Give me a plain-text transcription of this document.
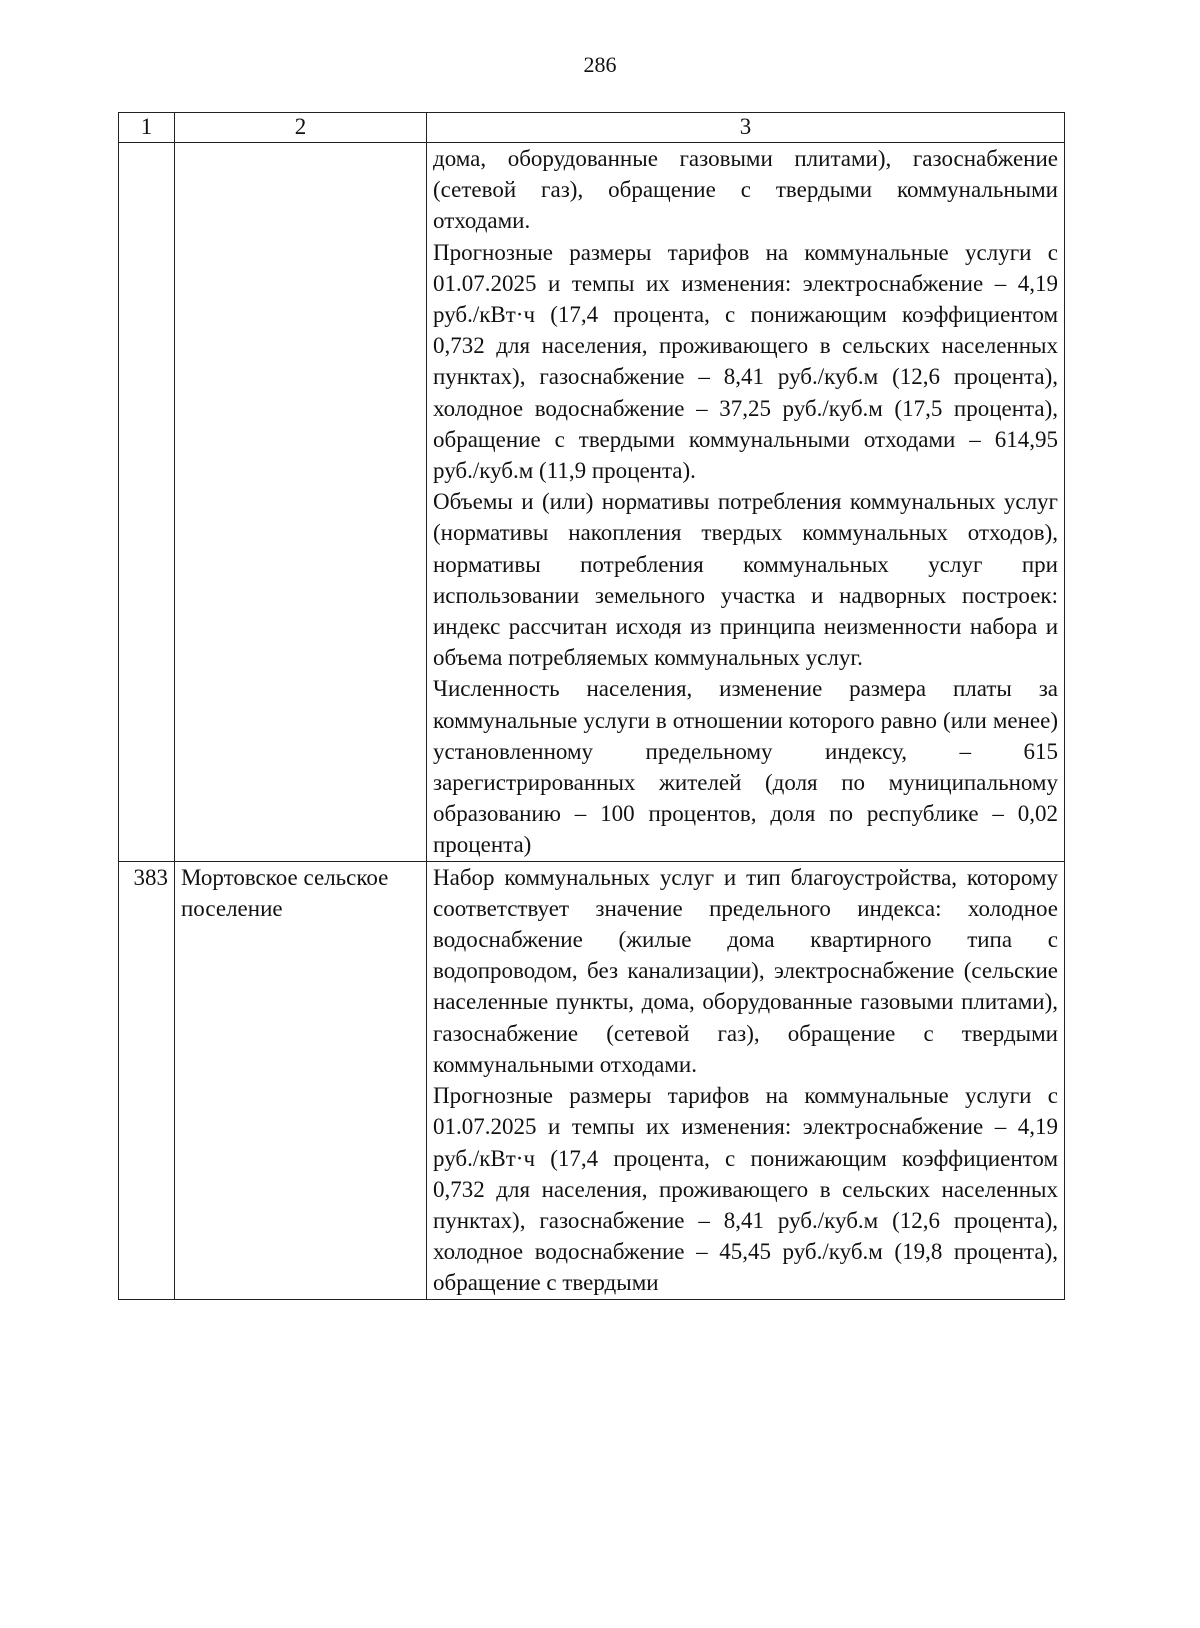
286
1	2	3

		дома, оборудованные газовыми плитами), газоснабжение (сетевой газ), обращение с твердыми коммунальными отходами.
Прогнозные размеры тарифов на коммунальные услуги с 01.07.2025 и темпы их изменения: электроснабжение – 4,19 руб./кВт·ч (17,4 процента, с понижающим коэффициентом 0,732 для населения, проживающего в сельских населенных пунктах), газоснабжение – 8,41 руб./куб.м (12,6 процента), холодное водоснабжение – 37,25 руб./куб.м (17,5 процента), обращение с твердыми коммунальными отходами – 614,95 руб./куб.м (11,9 процента).
Объемы и (или) нормативы потребления коммунальных услуг (нормативы накопления твердых коммунальных отходов), нормативы потребления коммунальных услуг при использовании земельного участка и надворных построек: индекс рассчитан исходя из принципа неизменности набора и объема потребляемых коммунальных услуг.
Численность населения, изменение размера платы за коммунальные услуги в отношении которого равно (или менее) установленному предельному индексу, – 615 зарегистрированных жителей (доля по муниципальному образованию – 100 процентов, доля по республике – 0,02 процента)

383	Мортовское сельское поселение	Набор коммунальных услуг и тип благоустройства, которому соответствует значение предельного индекса: холодное водоснабжение (жилые дома квартирного типа с водопроводом, без канализации), электроснабжение (сельские населенные пункты, дома, оборудованные газовыми плитами), газоснабжение (сетевой газ), обращение с твердыми коммунальными отходами.
Прогнозные размеры тарифов на коммунальные услуги с 01.07.2025 и темпы их изменения: электроснабжение – 4,19 руб./кВт·ч (17,4 процента, с понижающим коэффициентом 0,732 для населения, проживающего в сельских населенных пунктах), газоснабжение – 8,41 руб./куб.м (12,6 процента), холодное водоснабжение – 45,45 руб./куб.м (19,8 процента), обращение с твердыми
